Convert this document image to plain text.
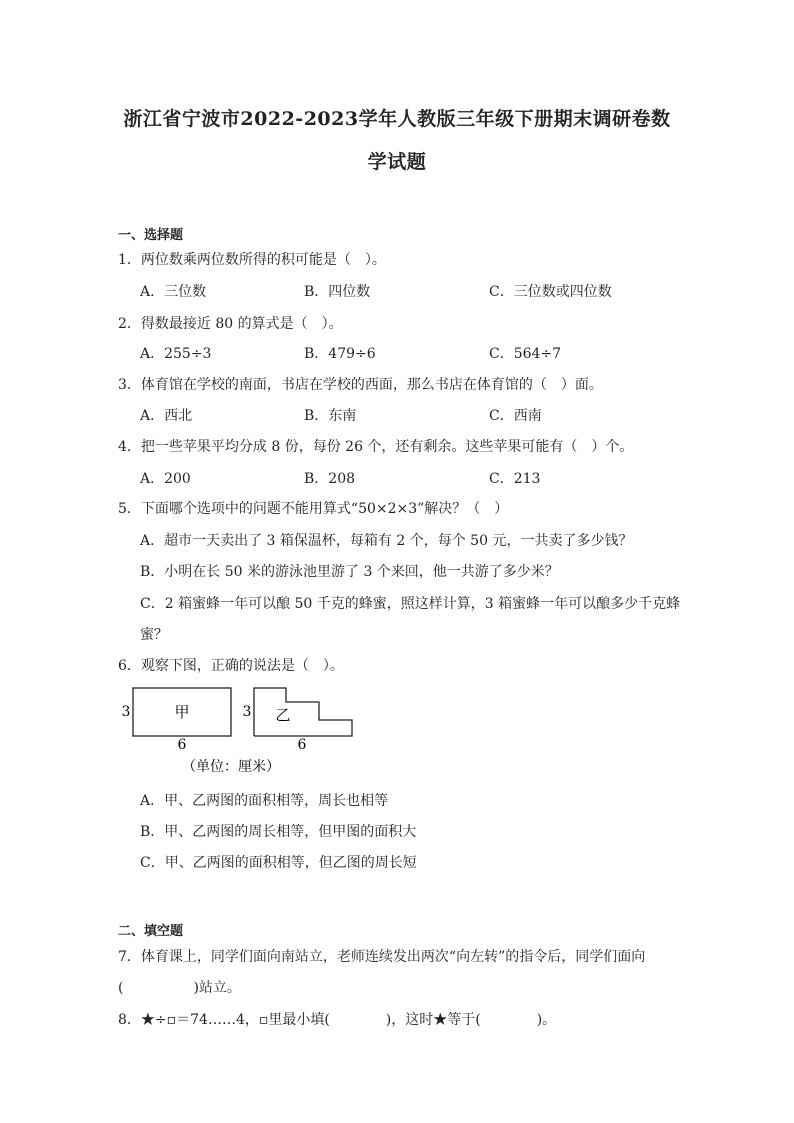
浙江省宁波市2022-2023学年人教版三年级下册期末调研卷数
学试题
一、选择题
1．两位数乘两位数所得的积可能是（　）。
A．三位数	B．四位数	C．三位数或四位数
2．得数最接近 80 的算式是（　）。
A．255÷3	B．479÷6	C．564÷7
3．体育馆在学校的南面，书店在学校的西面，那么书店在体育馆的（　）面。
A．西北	B．东南	C．西南
4．把一些苹果平均分成 8 份，每份 26 个，还有剩余。这些苹果可能有（　）个。
A．200	B．208	C．213
5．下面哪个选项中的问题不能用算式“50×2×3”解决？（　）
A．超市一天卖出了 3 箱保温杯，每箱有 2 个，每个 50 元，一共卖了多少钱？
B．小明在长 50 米的游泳池里游了 3 个来回，他一共游了多少米？
C．2 箱蜜蜂一年可以酿 50 千克的蜂蜜，照这样计算，3 箱蜜蜂一年可以酿多少千克蜂
蜜？
6．观察下图，正确的说法是（　）。
甲
3
6
乙
3
6
（单位：厘米）
A．甲、乙两图的面积相等，周长也相等
B．甲、乙两图的周长相等，但甲图的面积大
C．甲、乙两图的面积相等，但乙图的周长短
二、填空题
7．体育课上，同学们面向南站立，老师连续发出两次“向左转”的指令后，同学们面向
(　　　　　)站立。
8．★÷▫＝74……4，▫里最小填(　　　　)，这时★等于(　　　　)。
